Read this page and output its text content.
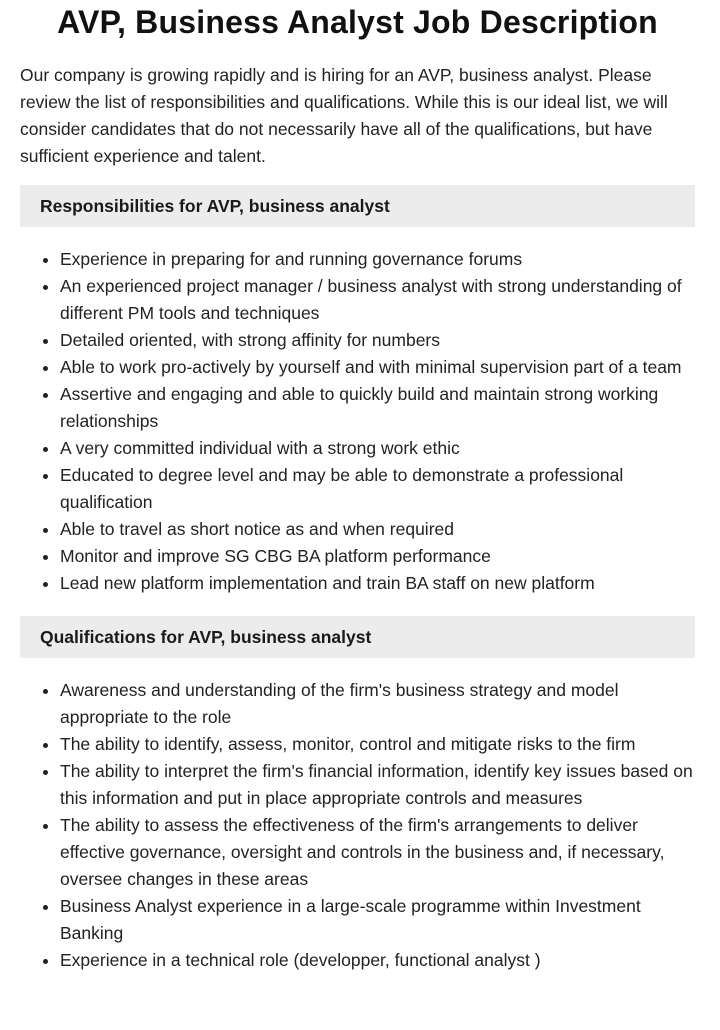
AVP, Business Analyst Job Description

Our company is growing rapidly and is hiring for an AVP, business analyst. Please review the list of responsibilities and qualifications. While this is our ideal list, we will consider candidates that do not necessarily have all of the qualifications, but have sufficient experience and talent.

Responsibilities for AVP, business analyst
• Experience in preparing for and running governance forums
• An experienced project manager / business analyst with strong understanding of different PM tools and techniques
• Detailed oriented, with strong affinity for numbers
• Able to work pro-actively by yourself and with minimal supervision part of a team
• Assertive and engaging and able to quickly build and maintain strong working relationships
• A very committed individual with a strong work ethic
• Educated to degree level and may be able to demonstrate a professional qualification
• Able to travel as short notice as and when required
• Monitor and improve SG CBG BA platform performance
• Lead new platform implementation and train BA staff on new platform
Qualifications for AVP, business analyst
• Awareness and understanding of the firm's business strategy and model appropriate to the role
• The ability to identify, assess, monitor, control and mitigate risks to the firm
• The ability to interpret the firm's financial information, identify key issues based on this information and put in place appropriate controls and measures
• The ability to assess the effectiveness of the firm's arrangements to deliver effective governance, oversight and controls in the business and, if necessary, oversee changes in these areas
• Business Analyst experience in a large-scale programme within Investment Banking
• Experience in a technical role (developper, functional analyst )
